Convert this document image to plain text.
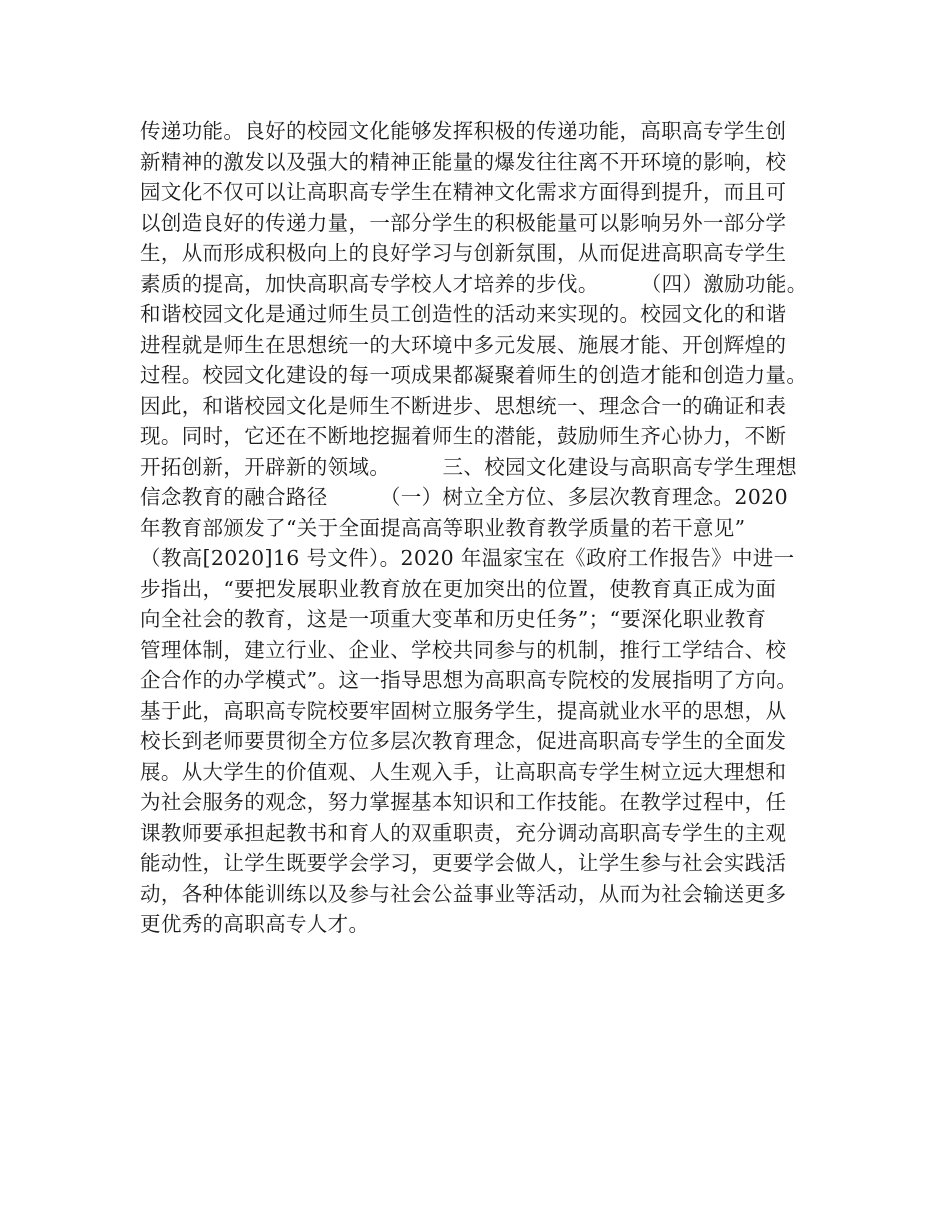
传递功能。良好的校园文化能够发挥积极的传递功能，高职高专学生创
新精神的激发以及强大的精神正能量的爆发往往离不开环境的影响，校
园文化不仅可以让高职高专学生在精神文化需求方面得到提升，而且可
以创造良好的传递力量，一部分学生的积极能量可以影响另外一部分学
生，从而形成积极向上的良好学习与创新氛围，从而促进高职高专学生
素质的提高，加快高职高专学校人才培养的步伐。　　　（四）激励功能。
和谐校园文化是通过师生员工创造性的活动来实现的。校园文化的和谐
进程就是师生在思想统一的大环境中多元发展、施展才能、开创辉煌的
过程。校园文化建设的每一项成果都凝聚着师生的创造才能和创造力量。
因此，和谐校园文化是师生不断进步、思想统一、理念合一的确证和表
现。同时，它还在不断地挖掘着师生的潜能，鼓励师生齐心协力，不断
开拓创新，开辟新的领域。　　　三、校园文化建设与高职高专学生理想
信念教育的融合路径　　　（一）树立全方位、多层次教育理念。2020
年教育部颁发了“关于全面提高高等职业教育教学质量的若干意见”
（教高[2020]16 号文件）。2020 年温家宝在《政府工作报告》中进一
步指出，“要把发展职业教育放在更加突出的位置，使教育真正成为面
向全社会的教育，这是一项重大变革和历史任务”；“要深化职业教育
管理体制，建立行业、企业、学校共同参与的机制，推行工学结合、校
企合作的办学模式”。这一指导思想为高职高专院校的发展指明了方向。
基于此，高职高专院校要牢固树立服务学生，提高就业水平的思想，从
校长到老师要贯彻全方位多层次教育理念，促进高职高专学生的全面发
展。从大学生的价值观、人生观入手，让高职高专学生树立远大理想和
为社会服务的观念，努力掌握基本知识和工作技能。在教学过程中，任
课教师要承担起教书和育人的双重职责，充分调动高职高专学生的主观
能动性，让学生既要学会学习，更要学会做人，让学生参与社会实践活
动，各种体能训练以及参与社会公益事业等活动，从而为社会输送更多
更优秀的高职高专人才。
